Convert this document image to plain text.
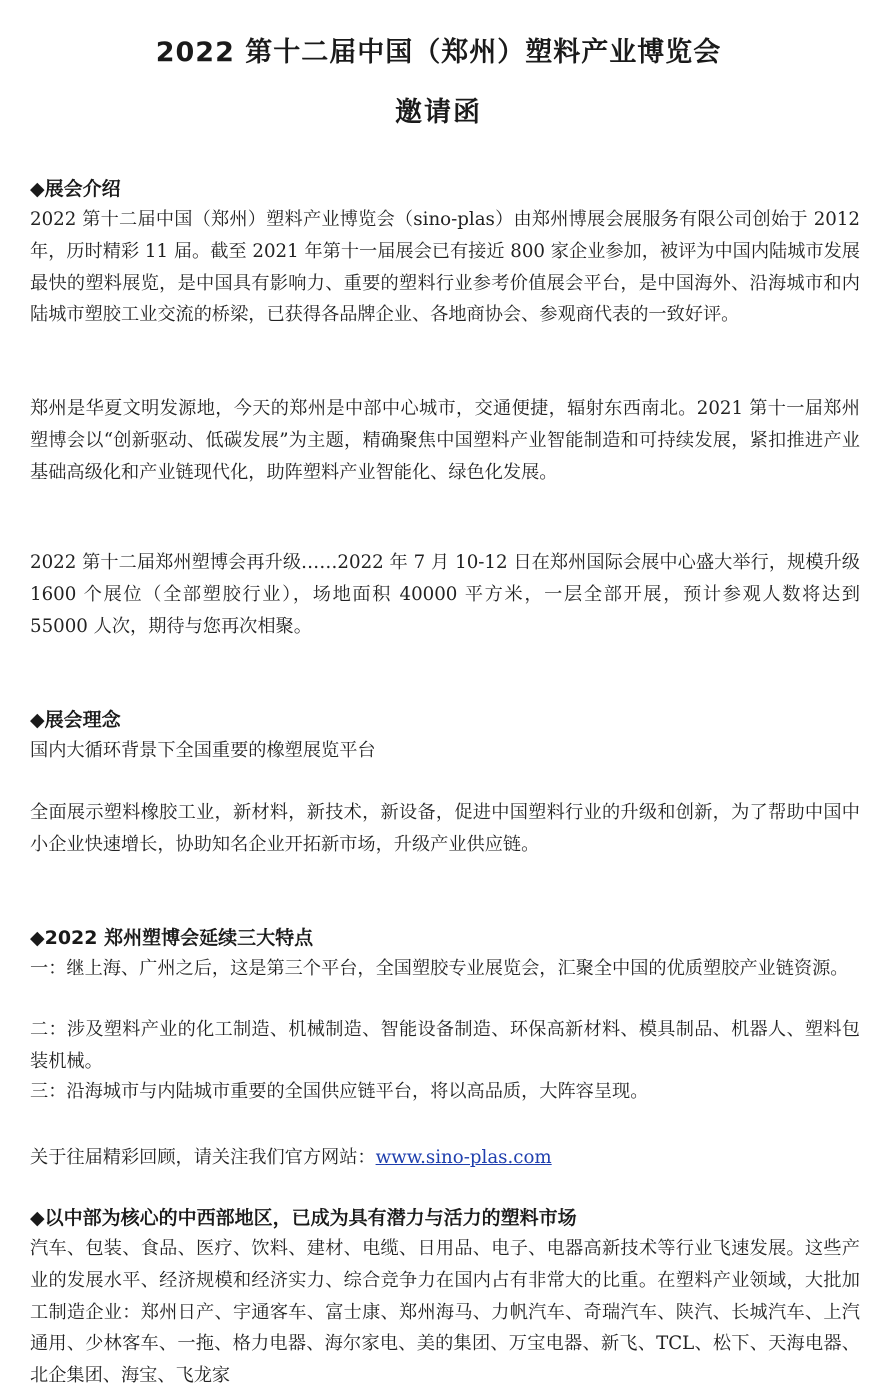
2022 第十二届中国（郑州）塑料产业博览会
邀请函
◆展会介绍
2022 第十二届中国（郑州）塑料产业博览会（sino-plas）由郑州博展会展服务有限公司创始于 2012 年，历时精彩 11 届。截至 2021 年第十一届展会已有接近 800 家企业参加，被评为中国内陆城市发展最快的塑料展览，是中国具有影响力、重要的塑料行业参考价值展会平台，是中国海外、沿海城市和内陆城市塑胶工业交流的桥梁，已获得各品牌企业、各地商协会、参观商代表的一致好评。
郑州是华夏文明发源地，今天的郑州是中部中心城市，交通便捷，辐射东西南北。2021 第十一届郑州塑博会以“创新驱动、低碳发展”为主题，精确聚焦中国塑料产业智能制造和可持续发展，紧扣推进产业基础高级化和产业链现代化，助阵塑料产业智能化、绿色化发展。
2022 第十二届郑州塑博会再升级……2022 年 7 月 10-12 日在郑州国际会展中心盛大举行，规模升级 1600 个展位（全部塑胶行业），场地面积 40000 平方米，一层全部开展，预计参观人数将达到 55000 人次，期待与您再次相聚。
◆展会理念
国内大循环背景下全国重要的橡塑展览平台
全面展示塑料橡胶工业，新材料，新技术，新设备，促进中国塑料行业的升级和创新，为了帮助中国中小企业快速增长，协助知名企业开拓新市场，升级产业供应链。
◆2022 郑州塑博会延续三大特点
一：继上海、广州之后，这是第三个平台，全国塑胶专业展览会，汇聚全中国的优质塑胶产业链资源。
二：涉及塑料产业的化工制造、机械制造、智能设备制造、环保高新材料、模具制品、机器人、塑料包装机械。
三：沿海城市与内陆城市重要的全国供应链平台，将以高品质，大阵容呈现。
关于往届精彩回顾，请关注我们官方网站：www.sino-plas.com
◆以中部为核心的中西部地区，已成为具有潜力与活力的塑料市场
汽车、包装、食品、医疗、饮料、建材、电缆、日用品、电子、电器高新技术等行业飞速发展。这些产业的发展水平、经济规模和经济实力、综合竞争力在国内占有非常大的比重。在塑料产业领域，大批加工制造企业：郑州日产、宇通客车、富士康、郑州海马、力帆汽车、奇瑞汽车、陕汽、长城汽车、上汽通用、少林客车、一拖、格力电器、海尔家电、美的集团、万宝电器、新飞、TCL、松下、天海电器、北企集团、海宝、飞龙家
